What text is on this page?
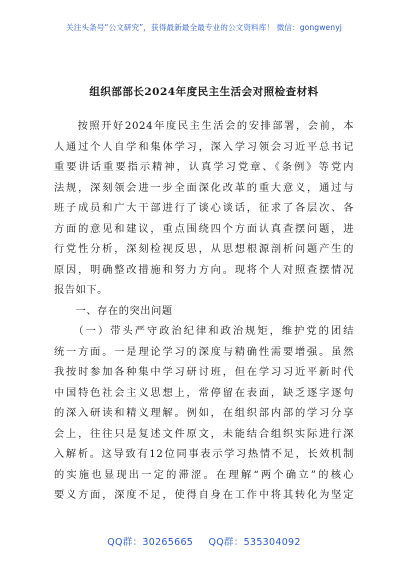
关注头条号“公文研究”，获得最新最全最专业的公文资料库！ 微信：gongwenyj
组织部部长2024年度民主生活会对照检查材料
　　按照开好2024年度民主生活会的安排部署，会前，本
人通过个人自学和集体学习，深入学习领会习近平总书记
重要讲话重要指示精神，认真学习党章、《条例》等党内
法规，深刻领会进一步全面深化改革的重大意义，通过与
班子成员和广大干部进行了谈心谈话，征求了各层次、各
方面的意见和建议，重点围绕四个方面认真查摆问题，进
行党性分析，深刻检视反思，从思想根源剖析问题产生的
原因，明确整改措施和努力方向。现将个人对照查摆情况
报告如下。
　　一、存在的突出问题
　　（一）带头严守政治纪律和政治规矩，维护党的团结
统一方面。一是理论学习的深度与精确性需要增强。虽然
我按时参加各种集中学习研讨班，但在学习习近平新时代
中国特色社会主义思想上，常停留在表面，缺乏逐字逐句
的深入研读和精义理解。例如，在组织部内部的学习分享
会上，往往只是复述文件原文，未能结合组织实际进行深
入解析。这导致有12位同事表示学习热情不足，长效机制
的实施也显现出一定的滞涩。在理解“两个确立”的核心
要义方面，深度不足，使得自身在工作中将其转化为坚定
QQ群：30265665 QQ群：535304092
